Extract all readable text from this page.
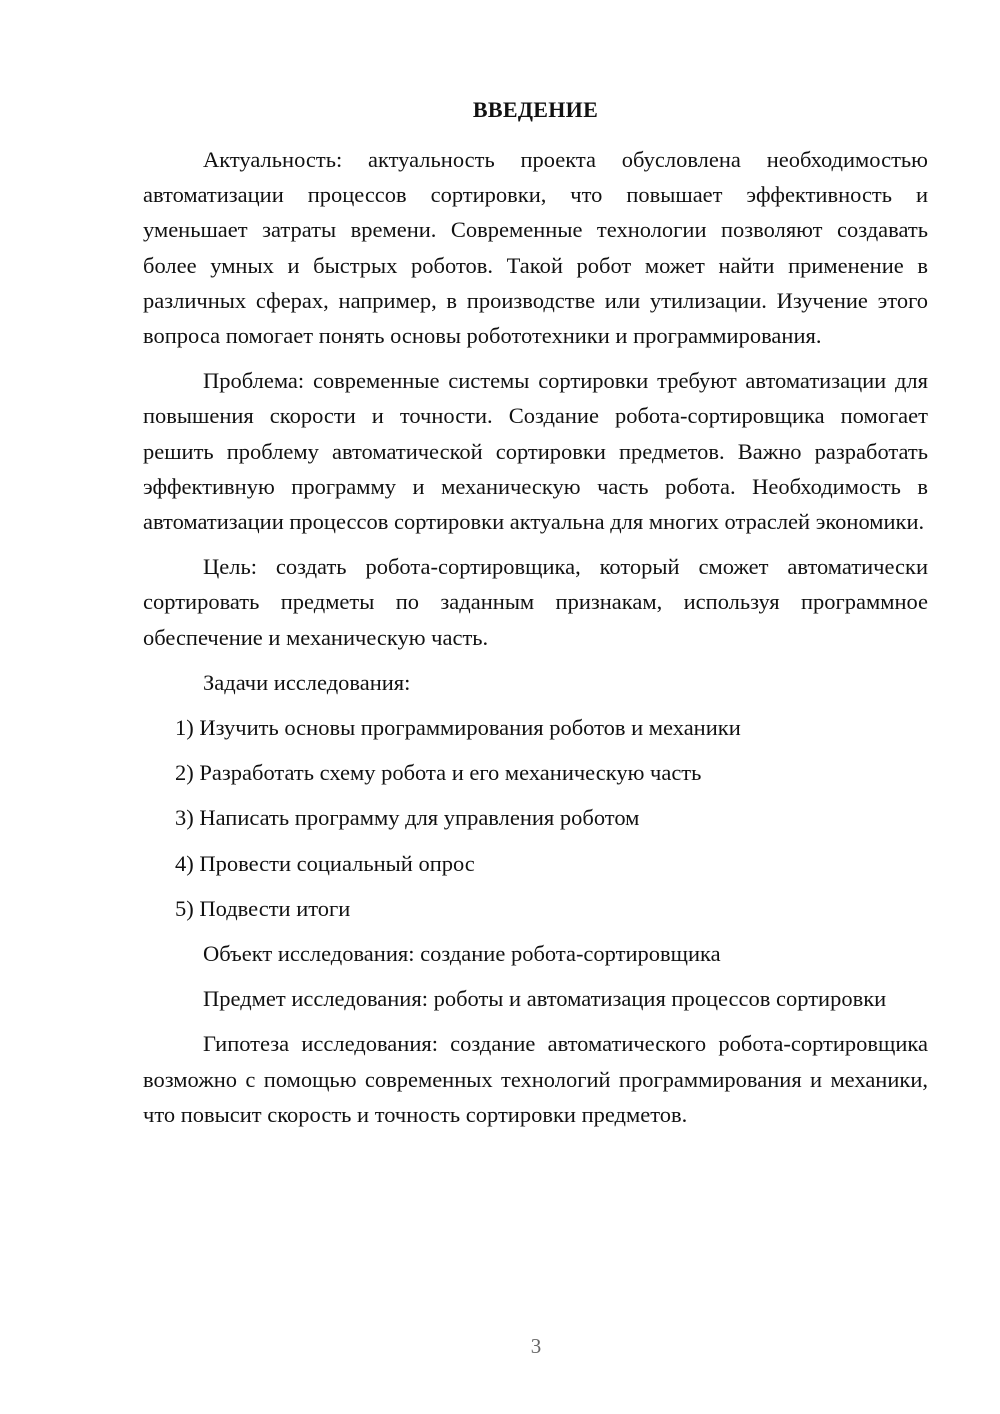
ВВЕДЕНИЕ

Актуальность: актуальность проекта обусловлена необходимостью автоматизации процессов сортировки, что повышает эффективность и уменьшает затраты времени. Современные технологии позволяют создавать более умных и быстрых роботов. Такой робот может найти применение в различных сферах, например, в производстве или утилизации. Изучение этого вопроса помогает понять основы робототехники и программирования.

Проблема: современные системы сортировки требуют автоматизации для повышения скорости и точности. Создание робота-сортировщика помогает решить проблему автоматической сортировки предметов. Важно разработать эффективную программу и механическую часть робота. Необходимость в автоматизации процессов сортировки актуальна для многих отраслей экономики.

Цель: создать робота-сортировщика, который сможет автоматически сортировать предметы по заданным признакам, используя программное обеспечение и механическую часть.

Задачи исследования:

1) Изучить основы программирования роботов и механики
2) Разработать схему робота и его механическую часть
3) Написать программу для управления роботом
4) Провести социальный опрос
5) Подвести итоги

Объект исследования: создание робота-сортировщика

Предмет исследования: роботы и автоматизация процессов сортировки

Гипотеза исследования: создание автоматического робота-сортировщика возможно с помощью современных технологий программирования и механики, что повысит скорость и точность сортировки предметов.

3
